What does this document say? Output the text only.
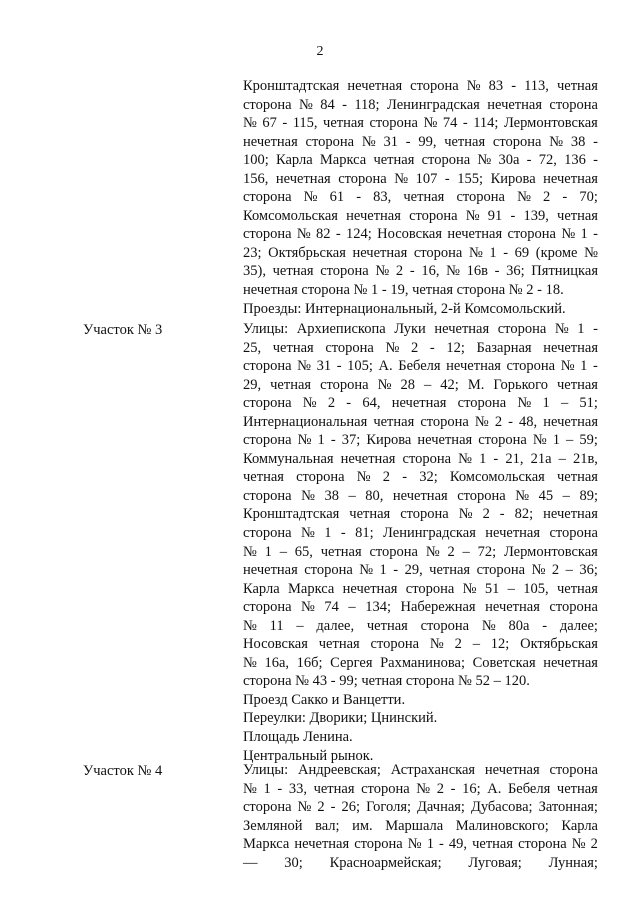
2
Кронштадтская нечетная сторона № 83 - 113, четная
сторона № 84 - 118; Ленинградская нечетная сторона
№ 67 - 115, четная сторона № 74 - 114; Лермонтовская
нечетная сторона № 31 - 99, четная сторона № 38 -
100; Карла Маркса четная сторона № 30а - 72, 136 -
156, нечетная сторона № 107 - 155; Кирова нечетная
сторона № 61 - 83, четная сторона № 2 - 70;
Комсомольская нечетная сторона № 91 - 139, четная
сторона № 82 - 124; Носовская нечетная сторона № 1 -
23; Октябрьская нечетная сторона № 1 - 69 (кроме №
35), четная сторона № 2 - 16, № 16в - 36; Пятницкая
нечетная сторона № 1 - 19, четная сторона № 2 - 18.
Проезды: Интернациональный, 2-й Комсомольский.
Участок № 3	Улицы: Архиепископа Луки нечетная сторона № 1 -
25, четная сторона № 2 - 12; Базарная нечетная
сторона № 31 - 105; А. Бебеля нечетная сторона № 1 -
29, четная сторона № 28 – 42; М. Горького четная
сторона № 2 - 64, нечетная сторона № 1 – 51;
Интернациональная четная сторона № 2 - 48, нечетная
сторона № 1 - 37; Кирова нечетная сторона № 1 – 59;
Коммунальная нечетная сторона № 1 - 21, 21а – 21в,
четная сторона № 2 - 32; Комсомольская четная
сторона № 38 – 80, нечетная сторона № 45 – 89;
Кронштадтская четная сторона № 2 - 82; нечетная
сторона № 1 - 81; Ленинградская нечетная сторона
№ 1 – 65, четная сторона № 2 – 72; Лермонтовская
нечетная сторона № 1 - 29, четная сторона № 2 – 36;
Карла Маркса нечетная сторона № 51 – 105, четная
сторона № 74 – 134; Набережная нечетная сторона
№ 11 – далее, четная сторона № 80а - далее;
Носовская четная сторона № 2 – 12; Октябрьская
№ 16а, 16б; Сергея Рахманинова; Советская нечетная
сторона № 43 - 99; четная сторона № 52 – 120.
Проезд Сакко и Ванцетти.
Переулки: Дворики; Цнинский.
Площадь Ленина.
Центральный рынок.
Участок № 4	Улицы: Андреевская; Астраханская нечетная сторона
№ 1 - 33, четная сторона № 2 - 16; А. Бебеля четная
сторона № 2 - 26; Гоголя; Дачная; Дубасова; Затонная;
Земляной вал; им. Маршала Малиновского; Карла
Маркса нечетная сторона № 1 - 49, четная сторона № 2
— 30; Красноармейская; Луговая; Лунная;
